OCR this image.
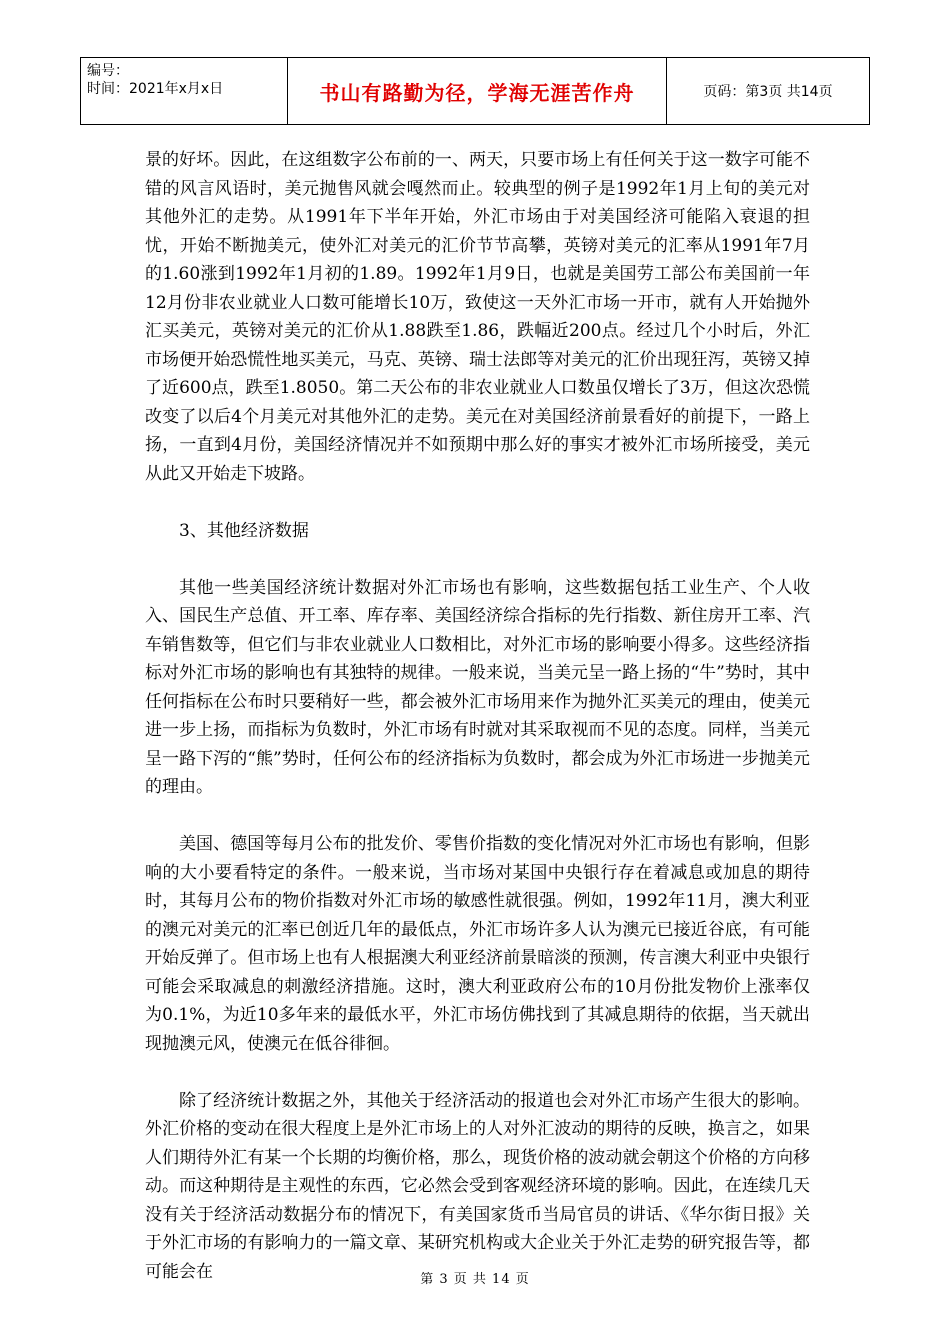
编号：
时间：2021年x月x日	书山有路勤为径，学海无涯苦作舟	页码：第3页 共14页

景的好坏。因此，在这组数字公布前的一、两天，只要市场上有任何关于这一数字可能不错的风言风语时，美元抛售风就会嘎然而止。较典型的例子是1992年1月上旬的美元对其他外汇的走势。从1991年下半年开始，外汇市场由于对美国经济可能陷入衰退的担忧，开始不断抛美元，使外汇对美元的汇价节节高攀，英镑对美元的汇率从1991年7月的1.60涨到1992年1月初的1.89。1992年1月9日，也就是美国劳工部公布美国前一年12月份非农业就业人口数可能增长10万，致使这一天外汇市场一开市，就有人开始抛外汇买美元，英镑对美元的汇价从1.88跌至1.86，跌幅近200点。经过几个小时后，外汇市场便开始恐慌性地买美元，马克、英镑、瑞士法郎等对美元的汇价出现狂泻，英镑又掉了近600点，跌至1.8050。第二天公布的非农业就业人口数虽仅增长了3万，但这次恐慌改变了以后4个月美元对其他外汇的走势。美元在对美国经济前景看好的前提下，一路上扬，一直到4月份，美国经济情况并不如预期中那么好的事实才被外汇市场所接受，美元从此又开始走下坡路。

3、其他经济数据

其他一些美国经济统计数据对外汇市场也有影响，这些数据包括工业生产、个人收入、国民生产总值、开工率、库存率、美国经济综合指标的先行指数、新住房开工率、汽车销售数等，但它们与非农业就业人口数相比，对外汇市场的影响要小得多。这些经济指标对外汇市场的影响也有其独特的规律。一般来说，当美元呈一路上扬的“牛”势时，其中任何指标在公布时只要稍好一些，都会被外汇市场用来作为抛外汇买美元的理由，使美元进一步上扬，而指标为负数时，外汇市场有时就对其采取视而不见的态度。同样，当美元呈一路下泻的“熊”势时，任何公布的经济指标为负数时，都会成为外汇市场进一步抛美元的理由。

美国、德国等每月公布的批发价、零售价指数的变化情况对外汇市场也有影响，但影响的大小要看特定的条件。一般来说，当市场对某国中央银行存在着减息或加息的期待时，其每月公布的物价指数对外汇市场的敏感性就很强。例如，1992年11月，澳大利亚的澳元对美元的汇率已创近几年的最低点，外汇市场许多人认为澳元已接近谷底，有可能开始反弹了。但市场上也有人根据澳大利亚经济前景暗淡的预测，传言澳大利亚中央银行可能会采取减息的刺激经济措施。这时，澳大利亚政府公布的10月份批发物价上涨率仅为0.1%，为近10多年来的最低水平，外汇市场仿佛找到了其减息期待的依据，当天就出现抛澳元风，使澳元在低谷徘徊。

除了经济统计数据之外，其他关于经济活动的报道也会对外汇市场产生很大的影响。外汇价格的变动在很大程度上是外汇市场上的人对外汇波动的期待的反映，换言之，如果人们期待外汇有某一个长期的均衡价格，那么，现货价格的波动就会朝这个价格的方向移动。而这种期待是主观性的东西，它必然会受到客观经济环境的影响。因此，在连续几天没有关于经济活动数据分布的情况下，有美国家货币当局官员的讲话、《华尔街日报》关于外汇市场的有影响力的一篇文章、某研究机构或大企业关于外汇走势的研究报告等，都可能会在	第 3 页 共 14 页
